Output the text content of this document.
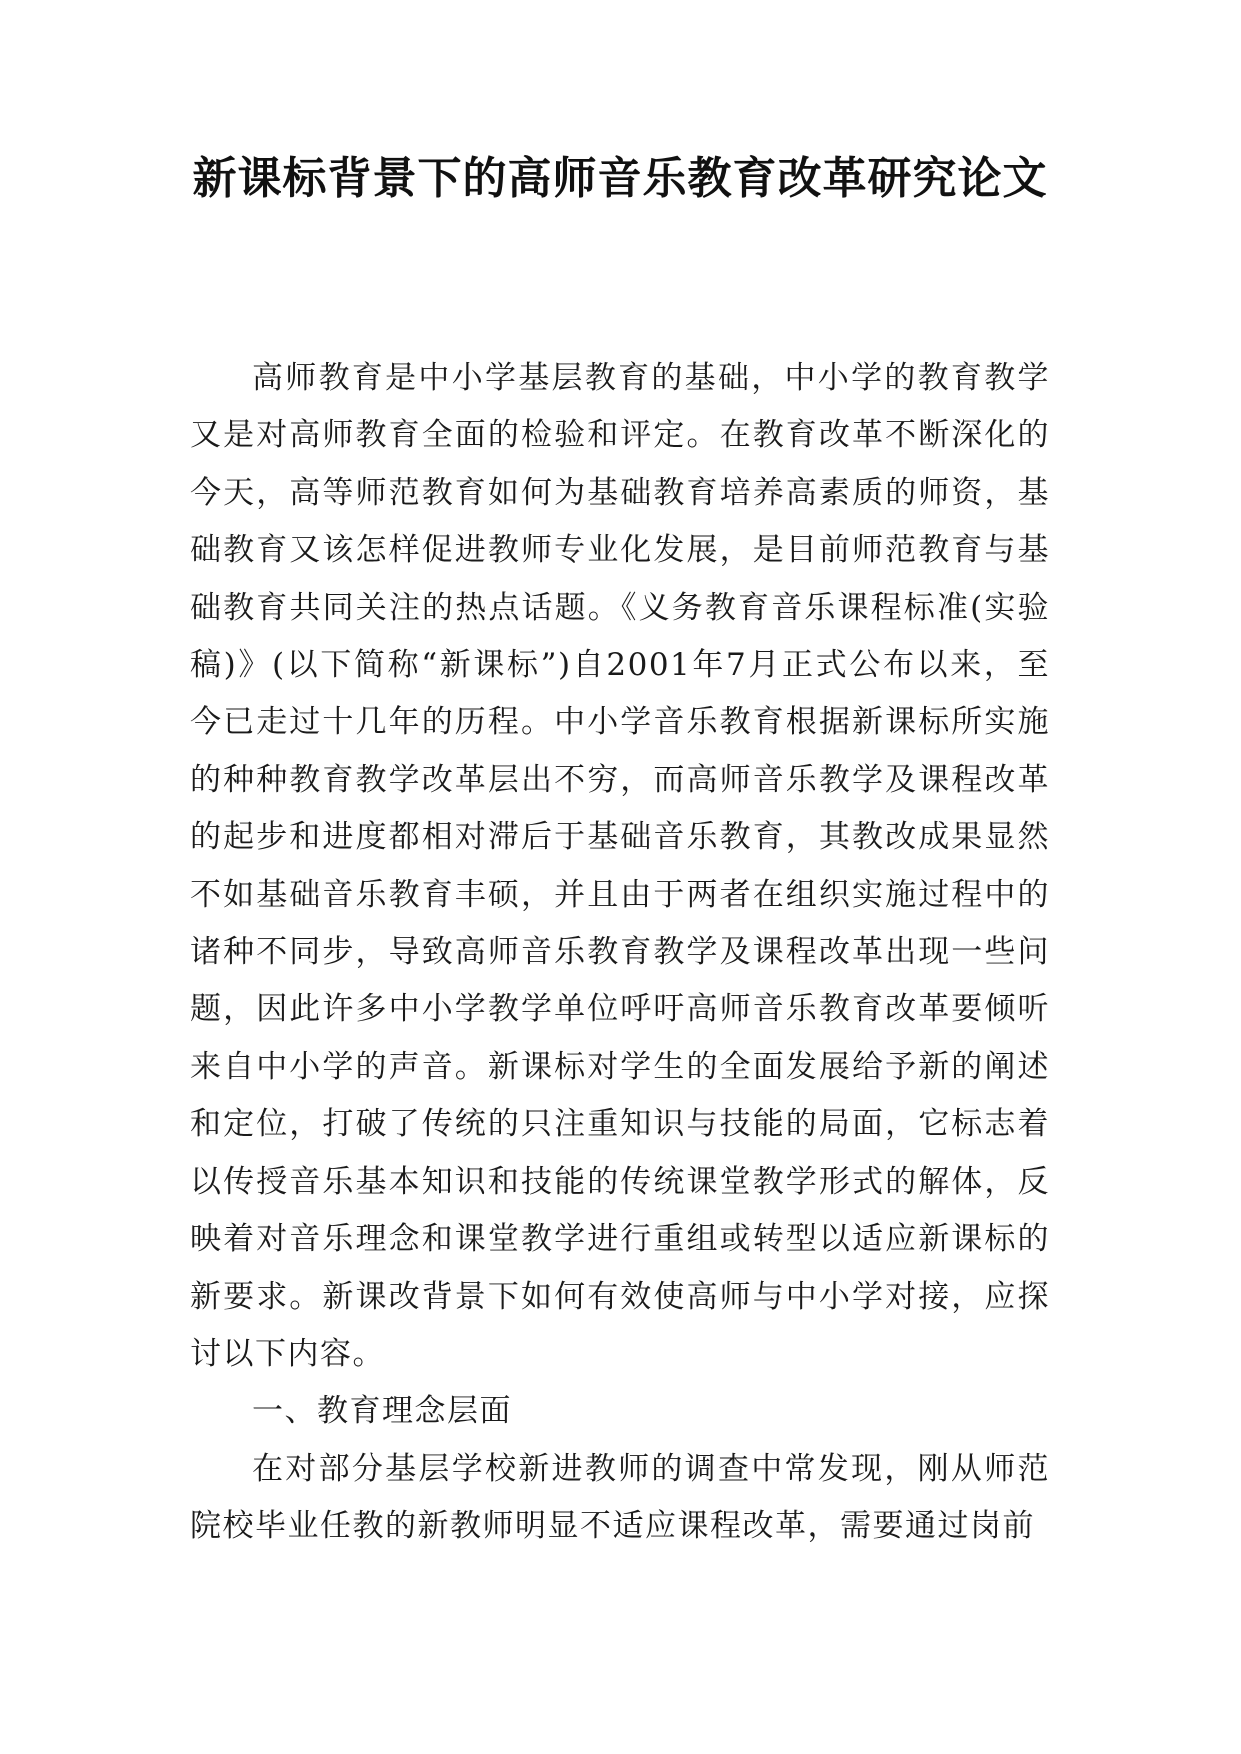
新课标背景下的高师音乐教育改革研究论文

高师教育是中小学基层教育的基础，中小学的教育教学又是对高师教育全面的检验和评定。在教育改革不断深化的今天，高等师范教育如何为基础教育培养高素质的师资，基础教育又该怎样促进教师专业化发展，是目前师范教育与基础教育共同关注的热点话题。《义务教育音乐课程标准(实验稿)》(以下简称“新课标”)自2001年7月正式公布以来，至今已走过十几年的历程。中小学音乐教育根据新课标所实施的种种教育教学改革层出不穷，而高师音乐教学及课程改革的起步和进度都相对滞后于基础音乐教育，其教改成果显然不如基础音乐教育丰硕，并且由于两者在组织实施过程中的诸种不同步，导致高师音乐教育教学及课程改革出现一些问题，因此许多中小学教学单位呼吁高师音乐教育改革要倾听来自中小学的声音。新课标对学生的全面发展给予新的阐述和定位，打破了传统的只注重知识与技能的局面，它标志着以传授音乐基本知识和技能的传统课堂教学形式的解体，反映着对音乐理念和课堂教学进行重组或转型以适应新课标的新要求。新课改背景下如何有效使高师与中小学对接，应探讨以下内容。

一、教育理念层面

在对部分基层学校新进教师的调查中常发现，刚从师范院校毕业任教的新教师明显不适应课程改革，需要通过岗前
